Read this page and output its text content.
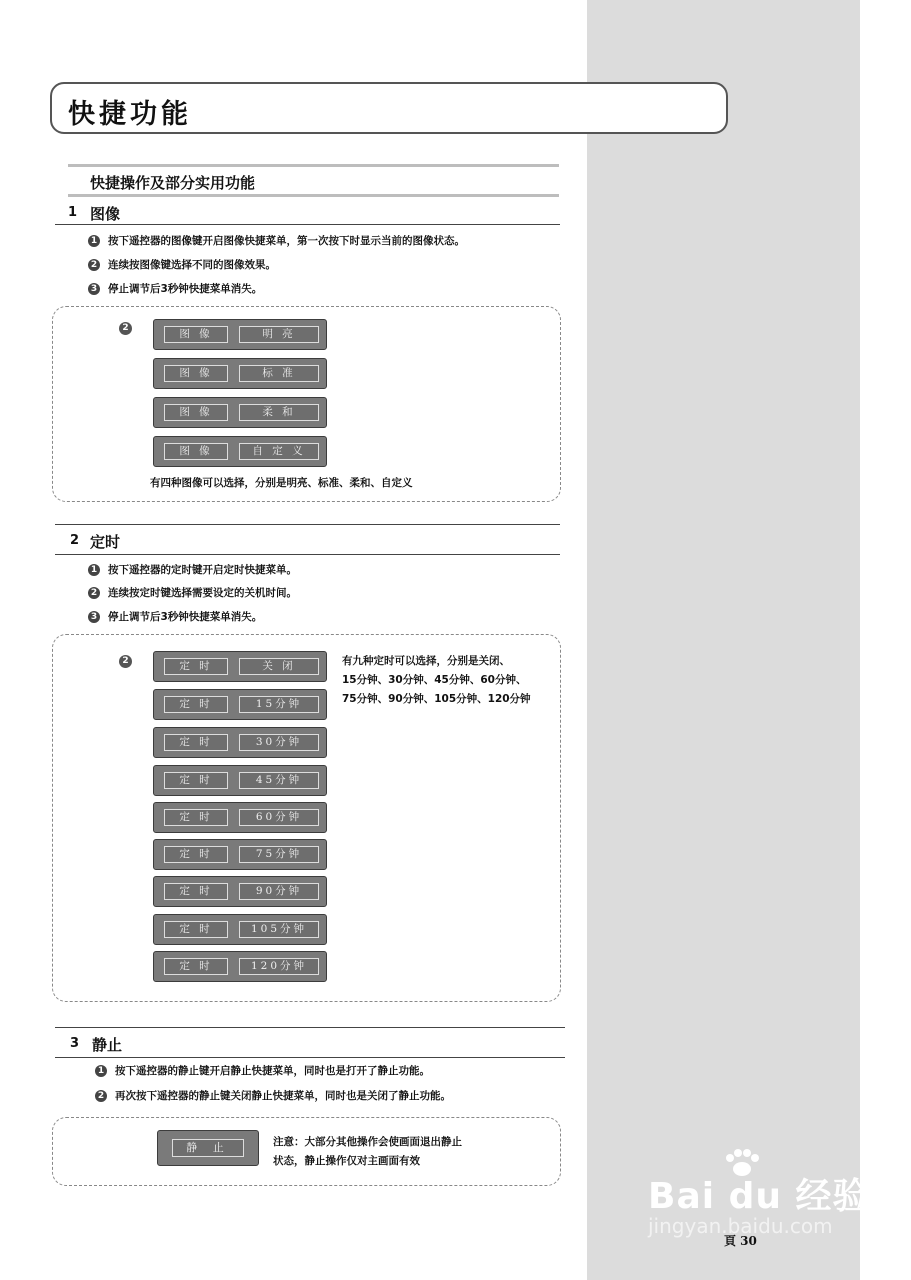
快捷功能
快捷操作及部分实用功能
1 图像
1 按下遥控器的图像键开启图像快捷菜单，第一次按下时显示当前的图像状态。
2 连续按图像键选择不同的图像效果。
3 停止调节后3秒钟快捷菜单消失。
2	图 像	明 亮
图 像	标 准
图 像	柔 和
图 像	自 定 义
有四种图像可以选择，分别是明亮、标准、柔和、自定义
2 定时
1 按下遥控器的定时键开启定时快捷菜单。
2 连续按定时键选择需要设定的关机时间。
3 停止调节后3秒钟快捷菜单消失。
2	定 时	关 闭
定 时	15分钟
定 时	30分钟
定 时	45分钟
定 时	60分钟
定 时	75分钟
定 时	90分钟
定 时	105分钟
定 时	120分钟
有九种定时可以选择，分别是关闭、
15分钟、30分钟、45分钟、60分钟、
75分钟、90分钟、105分钟、120分钟
3 静止
1 按下遥控器的静止键开启静止快捷菜单，同时也是打开了静止功能。
2 再次按下遥控器的静止键关闭静止快捷菜单，同时也是关闭了静止功能。
静 止	注意：大部分其他操作会使画面退出静止
状态，静止操作仅对主画面有效
Bai du 经验
jingyan.baidu.com
頁 30
